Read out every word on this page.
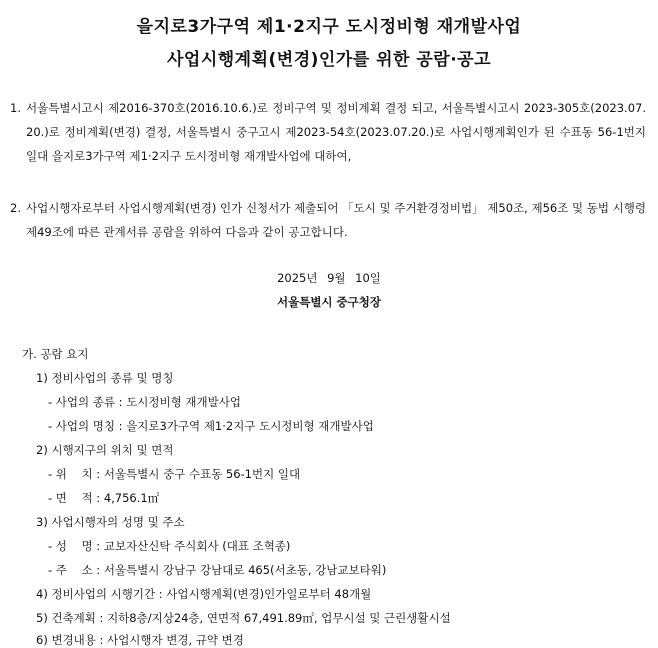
을지로3가구역 제1·2지구 도시정비형 재개발사업
사업시행계획(변경)인가를 위한 공람·공고
1. 서울특별시고시 제2016-370호(2016.10.6.)로 정비구역 및 정비계획 결정 되고, 서울특별시고시 2023-305호(2023.07.20.)로 정비계획(변경) 결정, 서울특별시 중구고시 제2023-54호(2023.07.20.)로 사업시행계획인가 된 수표동 56-1번지 일대 을지로3가구역 제1·2지구 도시정비형 재개발사업에 대하여,
2. 사업시행자로부터 사업시행계획(변경) 인가 신청서가 제출되어 「도시 및 주거환경정비법」 제50조, 제56조 및 동법 시행령 제49조에 따른 관계서류 공람을 위하여 다음과 같이 공고합니다.
2025년 9월 10일
서울특별시 중구청장
가. 공람 요지
1) 정비사업의 종류 및 명칭
- 사업의 종류 : 도시정비형 재개발사업
- 사업의 명칭 : 을지로3가구역 제1·2지구 도시정비형 재개발사업
2) 시행지구의 위치 및 면적
- 위    치 : 서울특별시 중구 수표동 56-1번지 일대
- 면    적 : 4,756.1㎡
3) 사업시행자의 성명 및 주소
- 성    명 : 교보자산신탁 주식회사 (대표 조혁종)
- 주    소 : 서울특별시 강남구 강남대로 465(서초동, 강남교보타워)
4) 정비사업의 시행기간 : 사업시행계획(변경)인가일로부터 48개월
5) 건축계획 : 지하8층/지상24층, 연면적 67,491.89㎡, 업무시설 및 근린생활시설
6) 변경내용 : 사업시행자 변경, 규약 변경
